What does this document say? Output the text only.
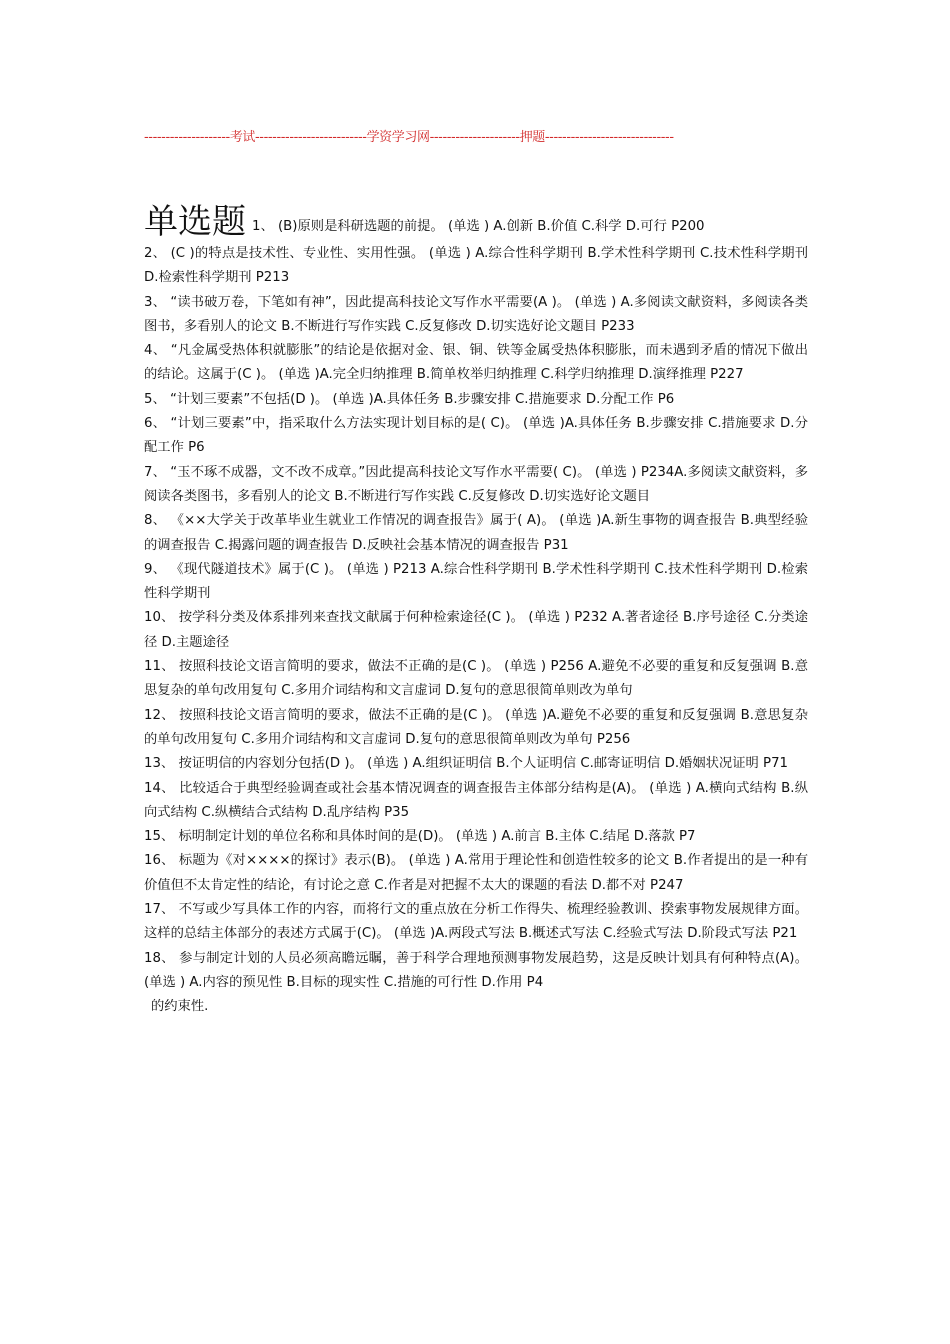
--------------------考试--------------------------学资学习网---------------------押题------------------------------

单选题 1、 (B)原则是科研选题的前提。 (单选 ) A.创新 B.价值 C.科学 D.可行 P200

2、 (C )的特点是技术性、专业性、实用性强。 (单选 ) A.综合性科学期刊 B.学术性科学期刊 C.技术性科学期刊 D.检索性科学期刊 P213

3、 “读书破万卷，下笔如有神”，因此提高科技论文写作水平需要(A )。 (单选 ) A.多阅读文献资料，多阅读各类图书，多看别人的论文 B.不断进行写作实践 C.反复修改 D.切实选好论文题目 P233

4、 “凡金属受热体积就膨胀”的结论是依据对金、银、铜、铁等金属受热体积膨胀，而未遇到矛盾的情况下做出的结论。这属于(C )。 (单选 )A.完全归纳推理 B.简单枚举归纳推理 C.科学归纳推理 D.演绎推理 P227

5、 “计划三要素”不包括(D )。 (单选 )A.具体任务 B.步骤安排 C.措施要求 D.分配工作 P6

6、 “计划三要素”中，指采取什么方法实现计划目标的是( C)。 (单选 )A.具体任务 B.步骤安排 C.措施要求 D.分配工作 P6

7、 “玉不琢不成器，文不改不成章。”因此提高科技论文写作水平需要( C)。 (单选 ) P234A.多阅读文献资料，多阅读各类图书，多看别人的论文 B.不断进行写作实践 C.反复修改 D.切实选好论文题目

8、 《××大学关于改革毕业生就业工作情况的调查报告》属于( A)。 (单选 )A.新生事物的调查报告 B.典型经验的调查报告 C.揭露问题的调查报告 D.反映社会基本情况的调查报告 P31

9、 《现代隧道技术》属于(C )。 (单选 ) P213 A.综合性科学期刊 B.学术性科学期刊 C.技术性科学期刊 D.检索性科学期刊

10、 按学科分类及体系排列来查找文献属于何种检索途径(C )。 (单选 ) P232 A.著者途径 B.序号途径 C.分类途径 D.主题途径

11、 按照科技论文语言简明的要求，做法不正确的是(C )。 (单选 ) P256 A.避免不必要的重复和反复强调 B.意思复杂的单句改用复句 C.多用介词结构和文言虚词 D.复句的意思很简单则改为单句

12、 按照科技论文语言简明的要求，做法不正确的是(C )。 (单选 )A.避免不必要的重复和反复强调 B.意思复杂的单句改用复句 C.多用介词结构和文言虚词 D.复句的意思很简单则改为单句 P256

13、 按证明信的内容划分包括(D )。 (单选 ) A.组织证明信 B.个人证明信 C.邮寄证明信 D.婚姻状况证明 P71

14、 比较适合于典型经验调查或社会基本情况调查的调查报告主体部分结构是(A)。 (单选 ) A.横向式结构 B.纵向式结构 C.纵横结合式结构 D.乱序结构 P35

15、 标明制定计划的单位名称和具体时间的是(D)。 (单选 ) A.前言 B.主体 C.结尾 D.落款 P7

16、 标题为《对××××的探讨》表示(B)。 (单选 ) A.常用于理论性和创造性较多的论文 B.作者提出的是一种有价值但不太肯定性的结论，有讨论之意 C.作者是对把握不太大的课题的看法 D.都不对 P247

17、 不写或少写具体工作的内容，而将行文的重点放在分析工作得失、梳理经验教训、揆索事物发展规律方面。这样的总结主体部分的表述方式属于(C)。 (单选 )A.两段式写法 B.概述式写法 C.经验式写法 D.阶段式写法 P21

18、 参与制定计划的人员必须高瞻远瞩，善于科学合理地预测事物发展趋势，这是反映计划具有何种特点(A)。 (单选 ) A.内容的预见性 B.目标的现实性 C.措施的可行性 D.作用 P4

的约束性.
